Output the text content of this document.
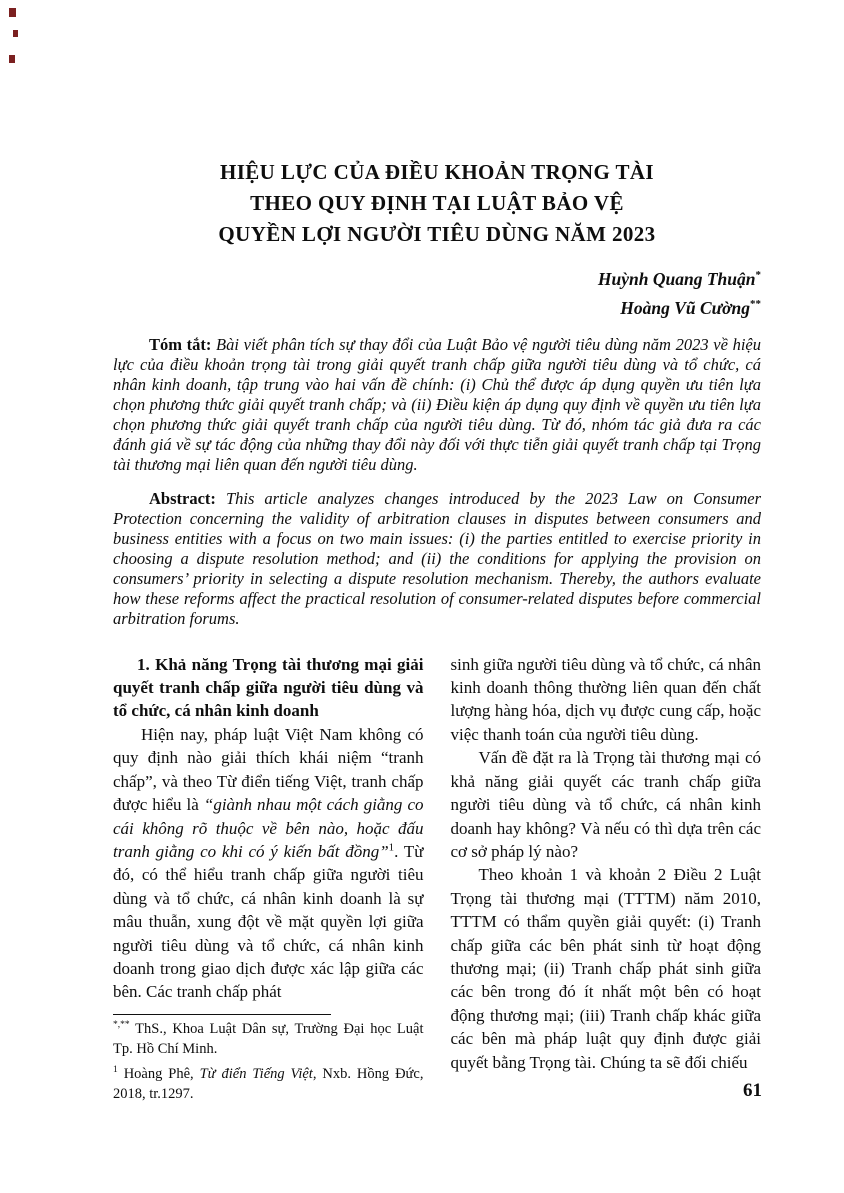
HIỆU LỰC CỦA ĐIỀU KHOẢN TRỌNG TÀI
THEO QUY ĐỊNH TẠI LUẬT BẢO VỆ
QUYỀN LỢI NGƯỜI TIÊU DÙNG NĂM 2023
Huỳnh Quang Thuận*
Hoàng Vũ Cường**

Tóm tắt: Bài viết phân tích sự thay đổi của Luật Bảo vệ người tiêu dùng năm 2023 về hiệu lực của điều khoản trọng tài trong giải quyết tranh chấp giữa người tiêu dùng và tổ chức, cá nhân kinh doanh, tập trung vào hai vấn đề chính: (i) Chủ thể được áp dụng quyền ưu tiên lựa chọn phương thức giải quyết tranh chấp; và (ii) Điều kiện áp dụng quy định về quyền ưu tiên lựa chọn phương thức giải quyết tranh chấp của người tiêu dùng. Từ đó, nhóm tác giả đưa ra các đánh giá về sự tác động của những thay đổi này đối với thực tiễn giải quyết tranh chấp tại Trọng tài thương mại liên quan đến người tiêu dùng.

Abstract: This article analyzes changes introduced by the 2023 Law on Consumer Protection concerning the validity of arbitration clauses in disputes between consumers and business entities with a focus on two main issues: (i) the parties entitled to exercise priority in choosing a dispute resolution method; and (ii) the conditions for applying the provision on consumers’ priority in selecting a dispute resolution mechanism. Thereby, the authors evaluate how these reforms affect the practical resolution of consumer-related disputes before commercial arbitration forums.

1. Khả năng Trọng tài thương mại giải quyết tranh chấp giữa người tiêu dùng và tổ chức, cá nhân kinh doanh

Hiện nay, pháp luật Việt Nam không có quy định nào giải thích khái niệm “tranh chấp”, và theo Từ điển tiếng Việt, tranh chấp được hiểu là “giành nhau một cách giằng co cái không rõ thuộc về bên nào, hoặc đấu tranh giằng co khi có ý kiến bất đồng”$^1$. Từ đó, có thể hiểu tranh chấp giữa người tiêu dùng và tổ chức, cá nhân kinh doanh là sự mâu thuẫn, xung đột về mặt quyền lợi giữa người tiêu dùng và tổ chức, cá nhân kinh doanh trong giao dịch được xác lập giữa các bên. Các tranh chấp phát

*,** ThS., Khoa Luật Dân sự, Trường Đại học Luật Tp. Hồ Chí Minh.

$^1$ Hoàng Phê, Từ điển Tiếng Việt, Nxb. Hồng Đức, 2018, tr.1297.

sinh giữa người tiêu dùng và tổ chức, cá nhân kinh doanh thông thường liên quan đến chất lượng hàng hóa, dịch vụ được cung cấp, hoặc việc thanh toán của người tiêu dùng.

Vấn đề đặt ra là Trọng tài thương mại có khả năng giải quyết các tranh chấp giữa người tiêu dùng và tổ chức, cá nhân kinh doanh hay không? Và nếu có thì dựa trên các cơ sở pháp lý nào?

Theo khoản 1 và khoản 2 Điều 2 Luật Trọng tài thương mại (TTTM) năm 2010, TTTM có thẩm quyền giải quyết: (i) Tranh chấp giữa các bên phát sinh từ hoạt động thương mại; (ii) Tranh chấp phát sinh giữa các bên trong đó ít nhất một bên có hoạt động thương mại; (iii) Tranh chấp khác giữa các bên mà pháp luật quy định được giải quyết bằng Trọng tài. Chúng ta sẽ đối chiếu

61
